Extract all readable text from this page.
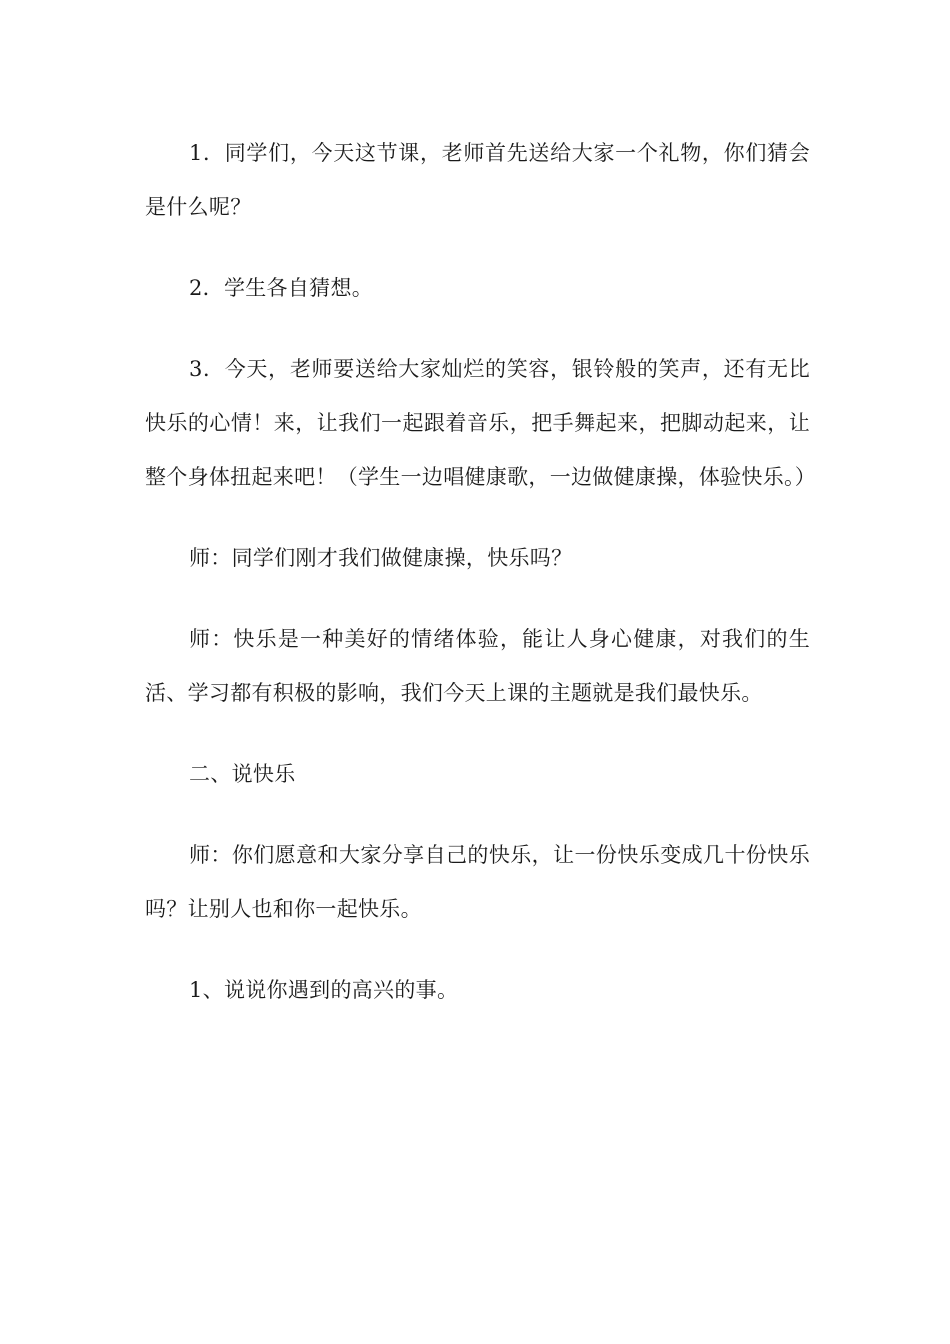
1．同学们，今天这节课，老师首先送给大家一个礼物，你们猜会是什么呢？

2．学生各自猜想。

3．今天，老师要送给大家灿烂的笑容，银铃般的笑声，还有无比快乐的心情！来，让我们一起跟着音乐，把手舞起来，把脚动起来，让整个身体扭起来吧！（学生一边唱健康歌，一边做健康操，体验快乐。）

师：同学们刚才我们做健康操，快乐吗？

师：快乐是一种美好的情绪体验，能让人身心健康，对我们的生活、学习都有积极的影响，我们今天上课的主题就是我们最快乐。

二、说快乐

师：你们愿意和大家分享自己的快乐，让一份快乐变成几十份快乐吗？让别人也和你一起快乐。

1、说说你遇到的高兴的事。
